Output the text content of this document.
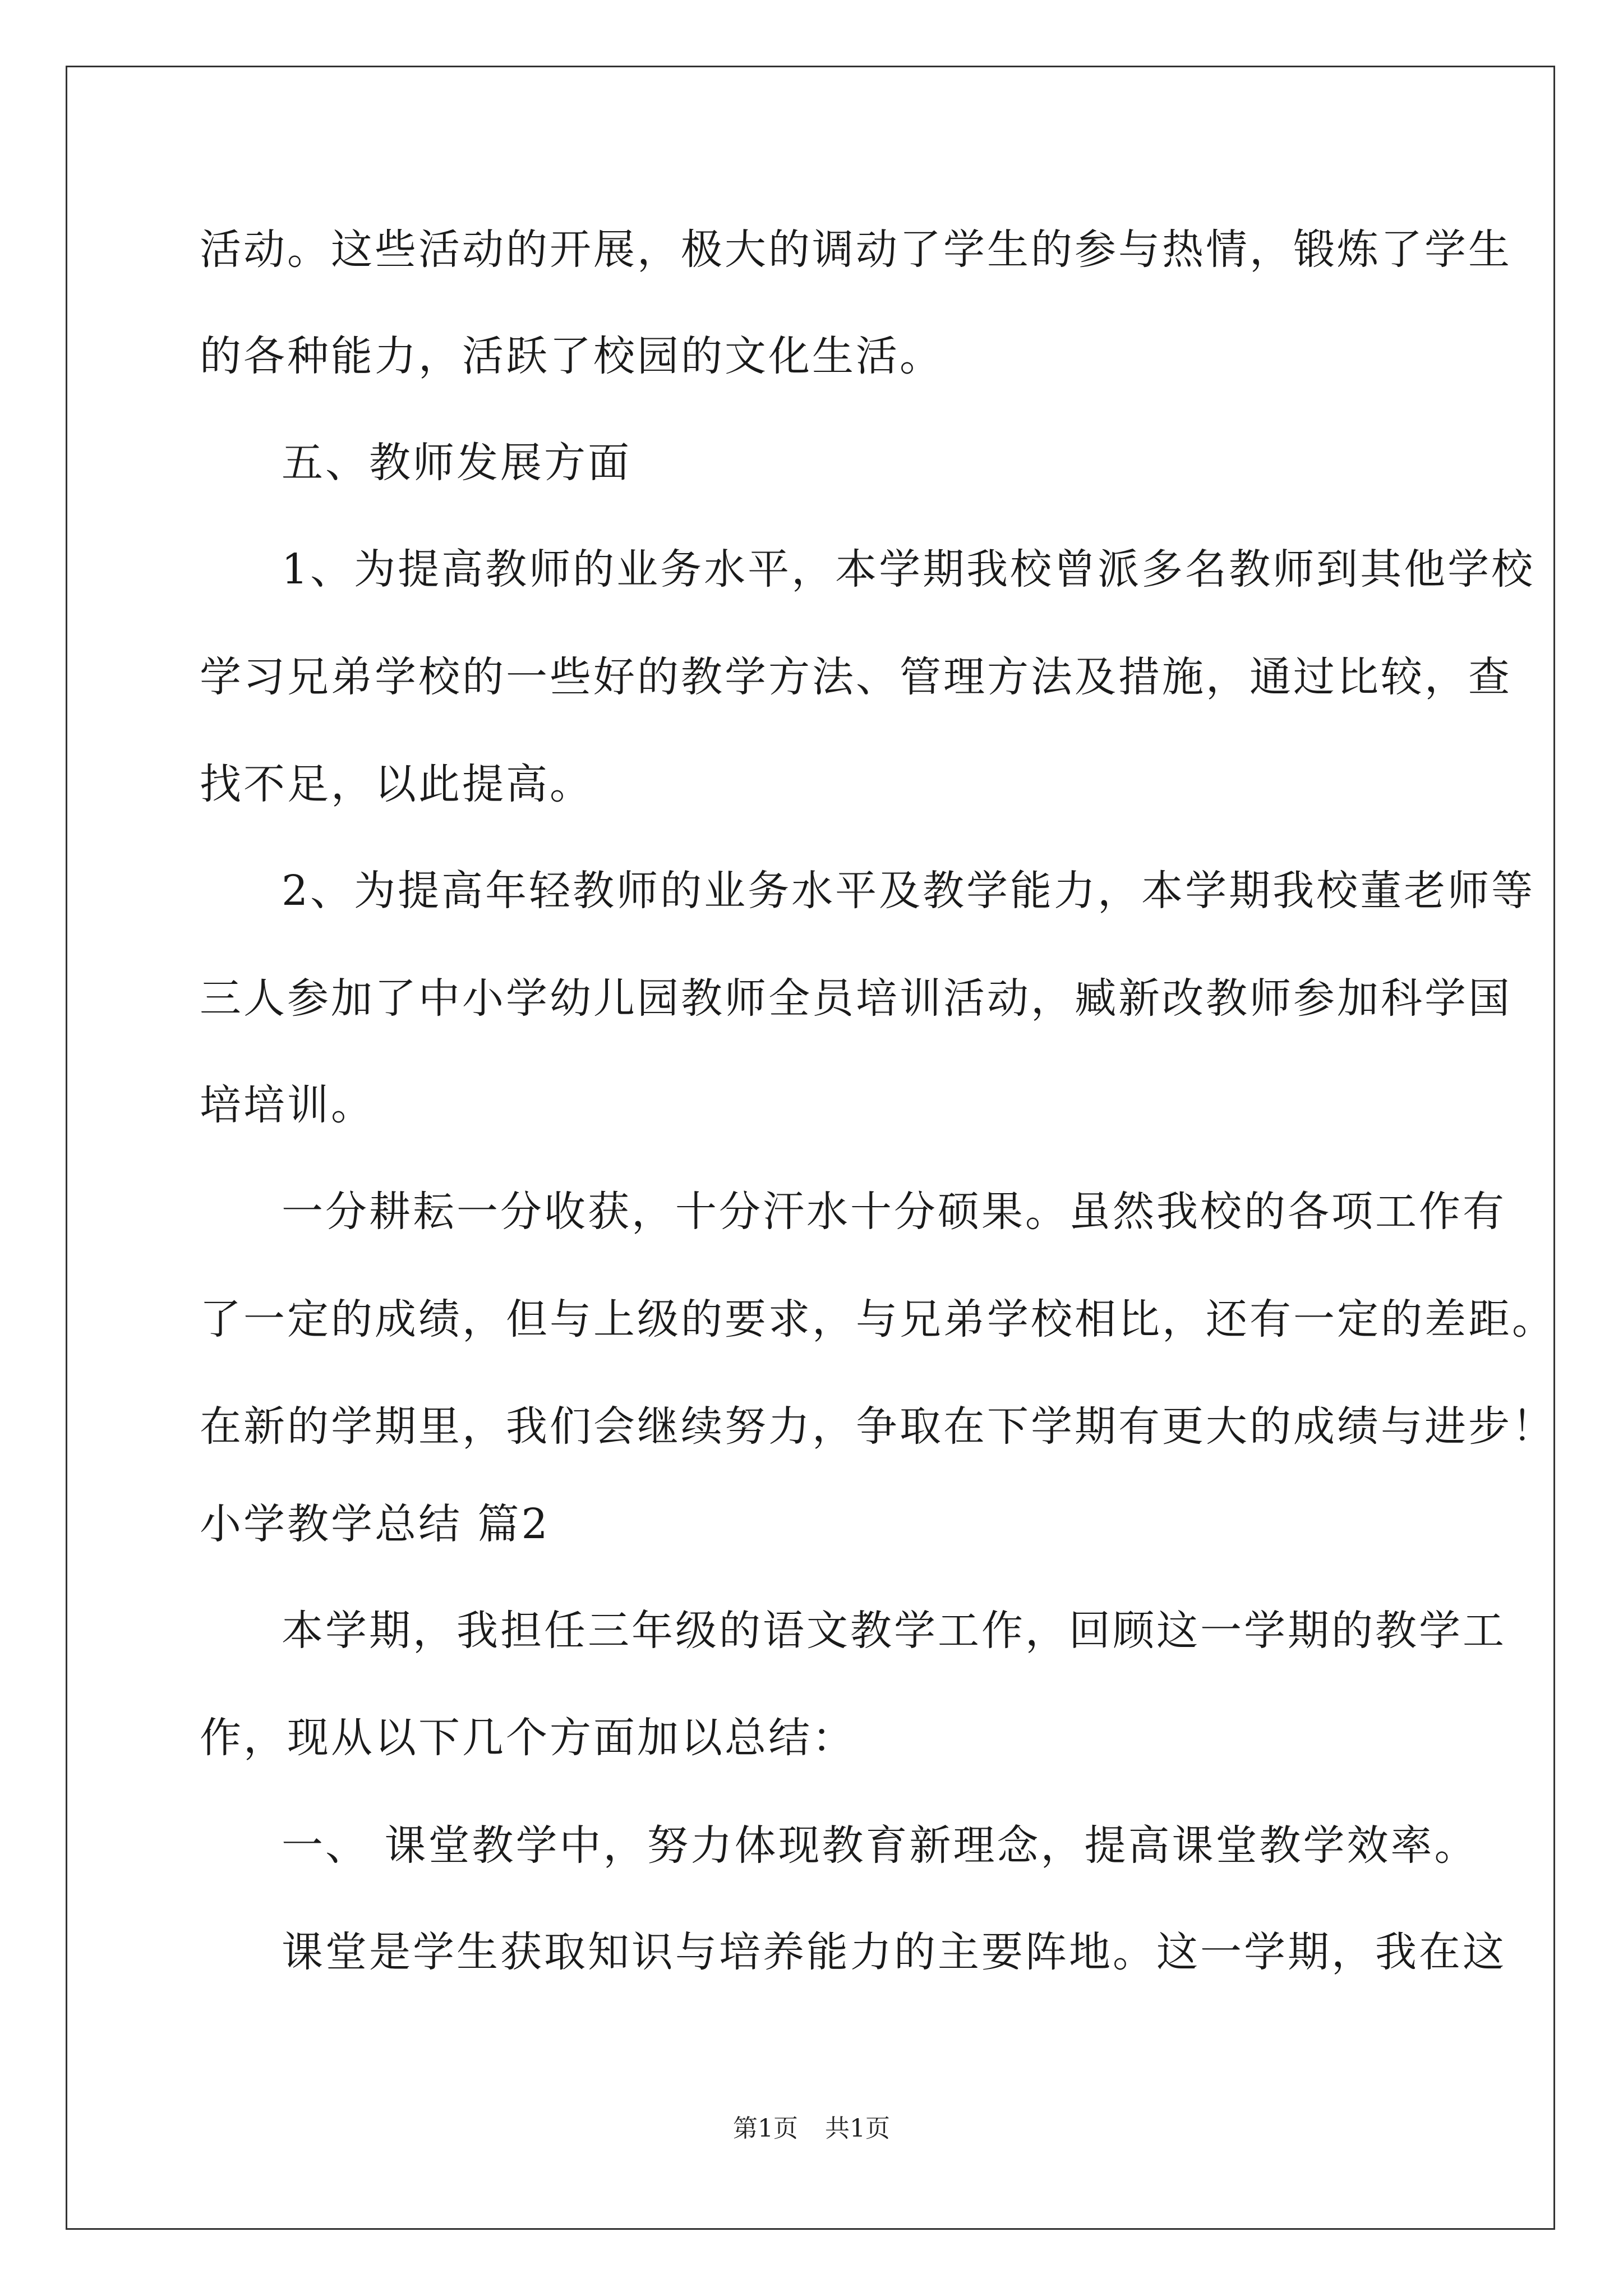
活动。这些活动的开展，极大的调动了学生的参与热情，锻炼了学生
的各种能力，活跃了校园的文化生活。
五、教师发展方面
1、为提高教师的业务水平，本学期我校曾派多名教师到其他学校
学习兄弟学校的一些好的教学方法、管理方法及措施，通过比较，查
找不足，以此提高。
2、为提高年轻教师的业务水平及教学能力，本学期我校董老师等
三人参加了中小学幼儿园教师全员培训活动，臧新改教师参加科学国
培培训。
一分耕耘一分收获，十分汗水十分硕果。虽然我校的各项工作有
了一定的成绩，但与上级的要求，与兄弟学校相比，还有一定的差距。
在新的学期里，我们会继续努力，争取在下学期有更大的成绩与进步！
小学教学总结 篇2
本学期，我担任三年级的语文教学工作，回顾这一学期的教学工
作，现从以下几个方面加以总结：
一、 课堂教学中，努力体现教育新理念，提高课堂教学效率。
课堂是学生获取知识与培养能力的主要阵地。这一学期，我在这
第1页 共1页
